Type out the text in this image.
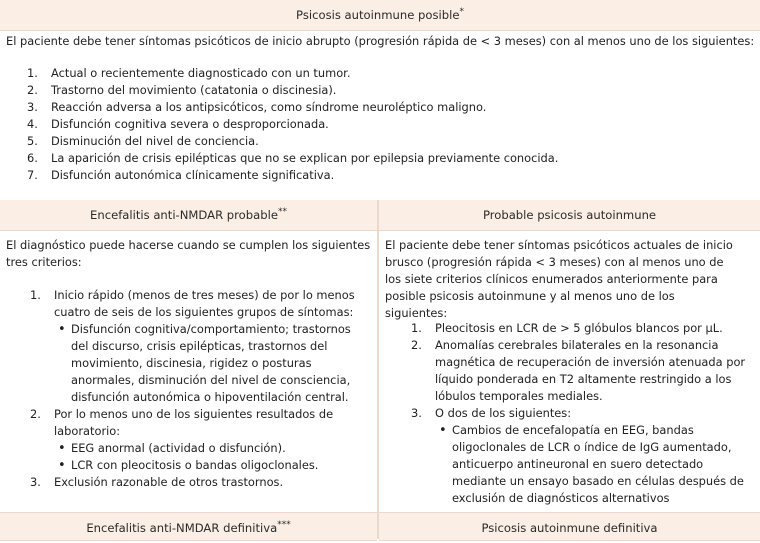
Psicosis autoinmune posible*

El paciente debe tener síntomas psicóticos de inicio abrupto (progresión rápida de < 3 meses) con al menos uno de los siguientes:

1. Actual o recientemente diagnosticado con un tumor.
2. Trastorno del movimiento (catatonia o discinesia).
3. Reacción adversa a los antipsicóticos, como síndrome neuroléptico maligno.
4. Disfunción cognitiva severa o desproporcionada.
5. Disminución del nivel de conciencia.
6. La aparición de crisis epilépticas que no se explican por epilepsia previamente conocida.
7. Disfunción autonómica clínicamente significativa.
Encefalitis anti-NMDAR probable**	Probable psicosis autoinmune

El diagnóstico puede hacerse cuando se cumplen los siguientes tres criterios:

1. Inicio rápido (menos de tres meses) de por lo menos cuatro de seis de los siguientes grupos de síntomas:
• Disfunción cognitiva/comportamiento; trastornos del discurso, crisis epilépticas, trastornos del movimiento, discinesia, rigidez o posturas anormales, disminución del nivel de consciencia, disfunción autonómica o hipoventilación central.
2. Por lo menos uno de los siguientes resultados de laboratorio:
• EEG anormal (actividad o disfunción).
• LCR con pleocitosis o bandas oligoclonales.
3. Exclusión razonable de otros trastornos.

El paciente debe tener síntomas psicóticos actuales de inicio brusco (progresión rápida < 3 meses) con al menos uno de los siete criterios clínicos enumerados anteriormente para posible psicosis autoinmune y al menos uno de los siguientes:

1. Pleocitosis en LCR de > 5 glóbulos blancos por μL.
2. Anomalías cerebrales bilaterales en la resonancia magnética de recuperación de inversión atenuada por líquido ponderada en T2 altamente restringido a los lóbulos temporales mediales.
3. O dos de los siguientes:
• Cambios de encefalopatía en EEG, bandas oligoclonales de LCR o índice de IgG aumentado, anticuerpo antineuronal en suero detectado mediante un ensayo basado en células después de exclusión de diagnósticos alternativos
Encefalitis anti-NMDAR definitiva***	Psicosis autoinmune definitiva
